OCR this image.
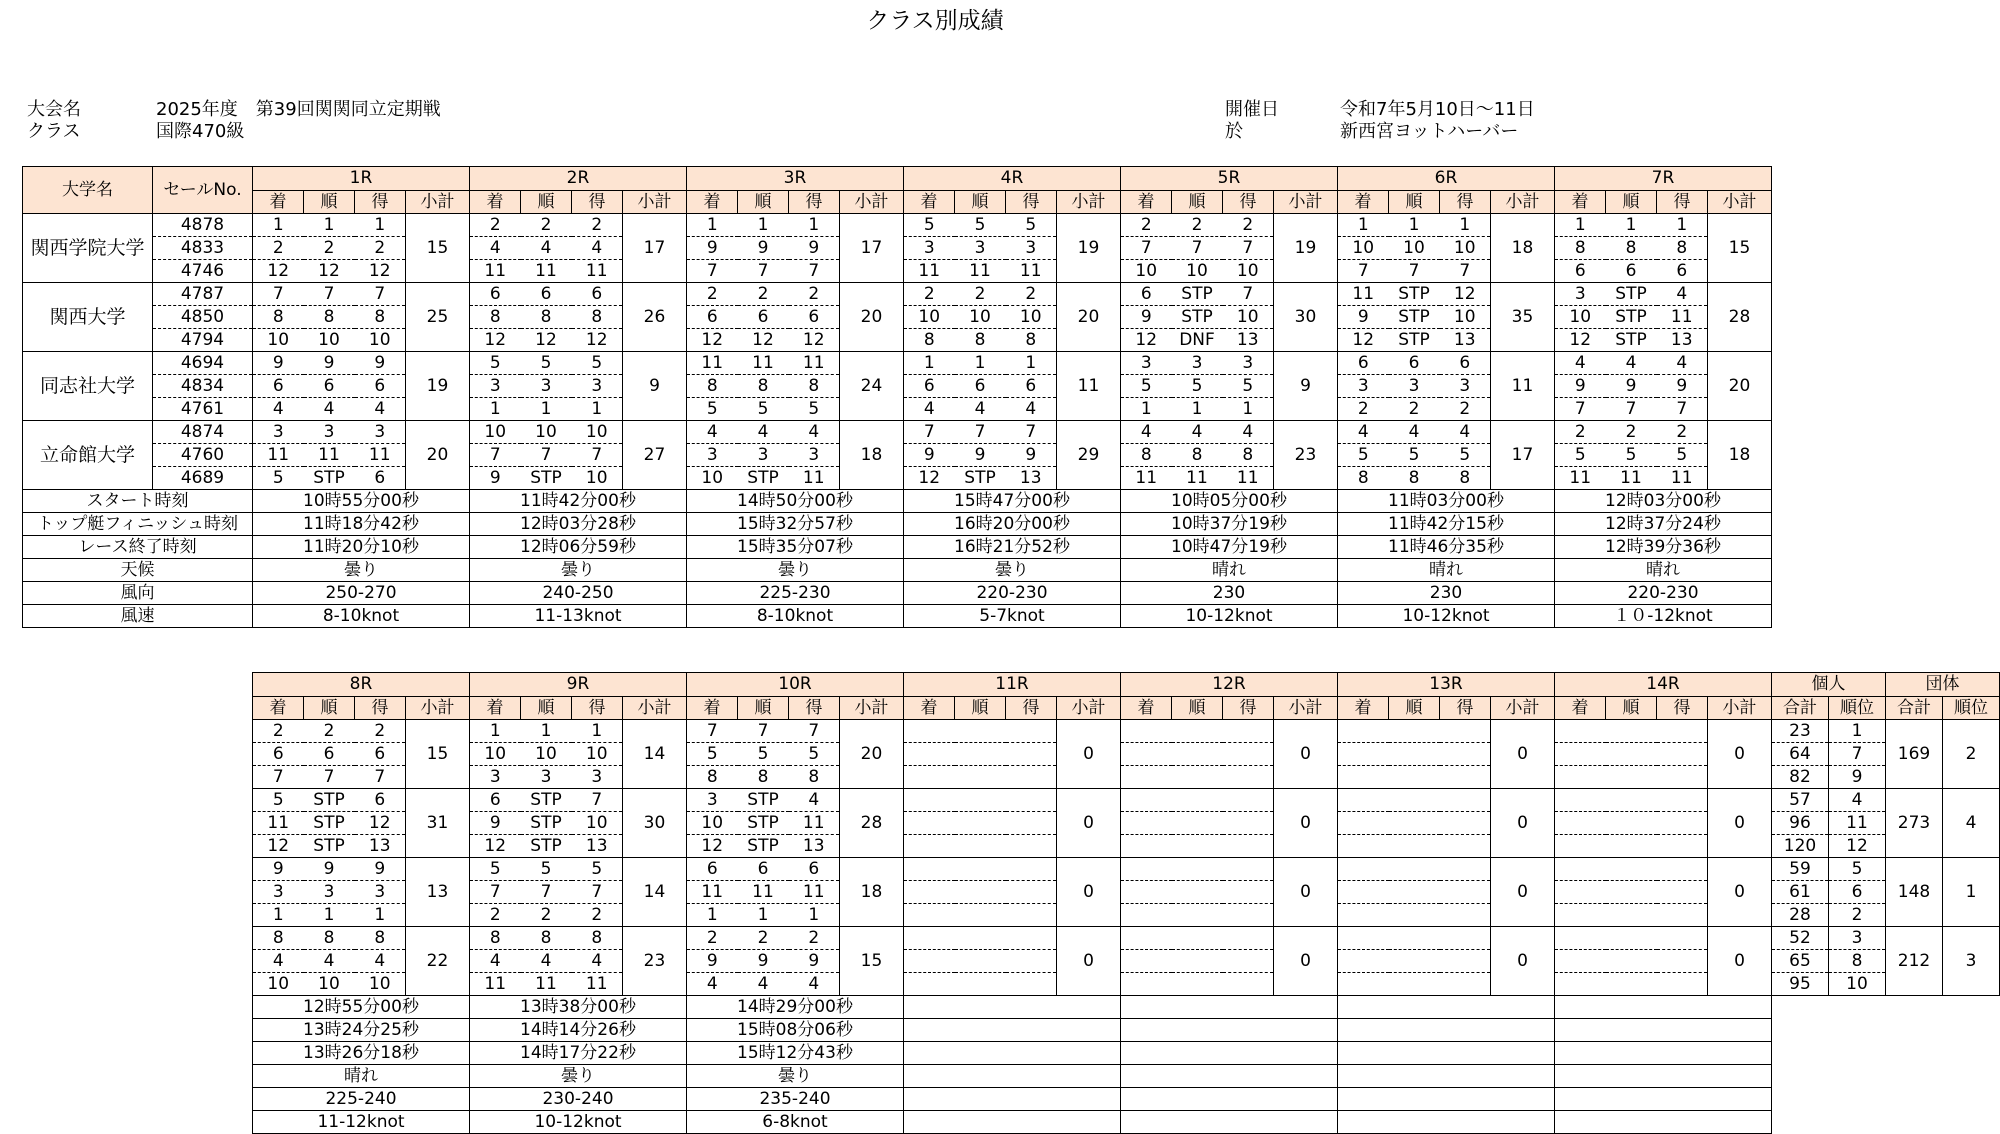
クラス別成績
大会名	2025年度　第39回関関同立定期戦
クラス	国際470級
開催日	令和7年5月10日～11日
於	新西宮ヨットハーバー
大学名	セールNo.	1R				2R				3R				4R				5R				6R				7R			
		着	順	得	小計	着	順	得	小計	着	順	得	小計	着	順	得	小計	着	順	得	小計	着	順	得	小計	着	順	得	小計
関西学院大学	4878	1	1	1	15	2	2	2	17	1	1	1	17	5	5	5	19	2	2	2	19	1	1	1	18	1	1	1	15
	4833	2	2	2		4	4	4		9	9	9		3	3	3		7	7	7		10	10	10		8	8	8	
	4746	12	12	12		11	11	11		7	7	7		11	11	11		10	10	10		7	7	7		6	6	6	
関西大学	4787	7	7	7	25	6	6	6	26	2	2	2	20	2	2	2	20	6	STP	7	30	11	STP	12	35	3	STP	4	28
	4850	8	8	8		8	8	8		6	6	6		10	10	10		9	STP	10		9	STP	10		10	STP	11	
	4794	10	10	10		12	12	12		12	12	12		8	8	8		12	DNF	13		12	STP	13		12	STP	13	
同志社大学	4694	9	9	9	19	5	5	5	9	11	11	11	24	1	1	1	11	3	3	3	9	6	6	6	11	4	4	4	20
	4834	6	6	6		3	3	3		8	8	8		6	6	6		5	5	5		3	3	3		9	9	9	
	4761	4	4	4		1	1	1		5	5	5		4	4	4		1	1	1		2	2	2		7	7	7	
立命館大学	4874	3	3	3	20	10	10	10	27	4	4	4	18	7	7	7	29	4	4	4	23	4	4	4	17	2	2	2	18
	4760	11	11	11		7	7	7		3	3	3		9	9	9		8	8	8		5	5	5		5	5	5	
	4689	5	STP	6		9	STP	10		10	STP	11		12	STP	13		11	11	11		8	8	8		11	11	11	
スタート時刻		10時55分00秒				11時42分00秒				14時50分00秒				15時47分00秒				10時05分00秒				11時03分00秒				12時03分00秒			
トップ艇フィニッシュ時刻		11時18分42秒				12時03分28秒				15時32分57秒				16時20分00秒				10時37分19秒				11時42分15秒				12時37分24秒			
レース終了時刻		11時20分10秒				12時06分59秒				15時35分07秒				16時21分52秒				10時47分19秒				11時46分35秒				12時39分36秒			
天候		曇り				曇り				曇り				曇り				晴れ				晴れ				晴れ			
風向		250-270				240-250				225-230				220-230				230				230				220-230			
風速		8-10knot				11-13knot				8-10knot				5-7knot				10-12knot				10-12knot				１０-12knot			
8R				9R				10R				11R				12R				13R				14R				個人		団体	
着	順	得	小計	着	順	得	小計	着	順	得	小計	着	順	得	小計	着	順	得	小計	着	順	得	小計	着	順	得	小計	合計	順位	合計	順位
2	2	2	15	1	1	1	14	7	7	7	20				0				0				0				0	23	1	169	2
6	6	6		10	10	10		5	5	5																		64	7		
7	7	7		3	3	3		8	8	8																		82	9		
5	STP	6	31	6	STP	7	30	3	STP	4	28				0				0				0				0	57	4	273	4
11	STP	12		9	STP	10		10	STP	11																		96	11		
12	STP	13		12	STP	13		12	STP	13																		120	12		
9	9	9	13	5	5	5	14	6	6	6	18				0				0				0				0	59	5	148	1
3	3	3		7	7	7		11	11	11																		61	6		
1	1	1		2	2	2		1	1	1																		28	2		
8	8	8	22	8	8	8	23	2	2	2	15				0				0				0				0	52	3	212	3
4	4	4		4	4	4		9	9	9																		65	8		
10	10	10		11	11	11		4	4	4																		95	10		
12時55分00秒				13時38分00秒				14時29分00秒																							
13時24分25秒				14時14分26秒				15時08分06秒																							
13時26分18秒				14時17分22秒				15時12分43秒																							
晴れ				曇り				曇り																							
225-240				230-240				235-240																							
11-12knot				10-12knot				6-8knot																							
